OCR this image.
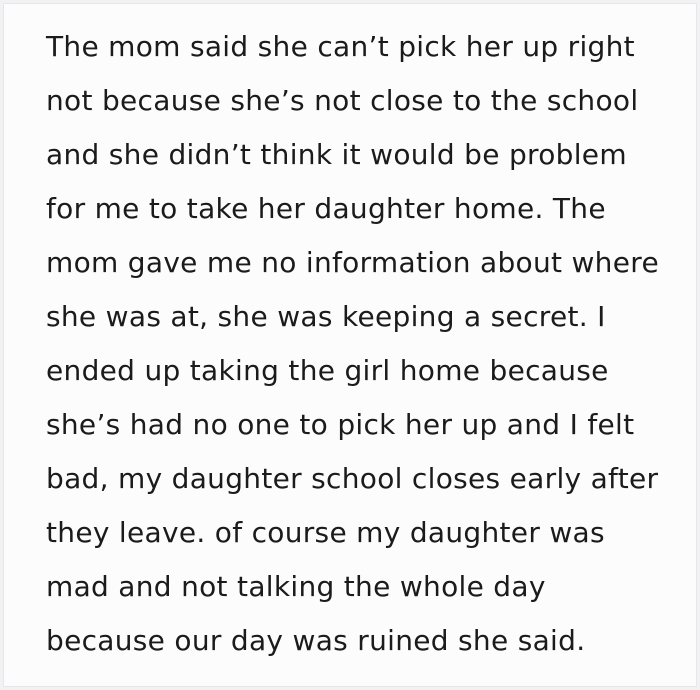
The mom said she can’t pick her up right
not because she’s not close to the school
and she didn’t think it would be problem
for me to take her daughter home. The
mom gave me no information about where
she was at, she was keeping a secret. I
ended up taking the girl home because
she’s had no one to pick her up and I felt
bad, my daughter school closes early after
they leave. of course my daughter was
mad and not talking the whole day
because our day was ruined she said.
